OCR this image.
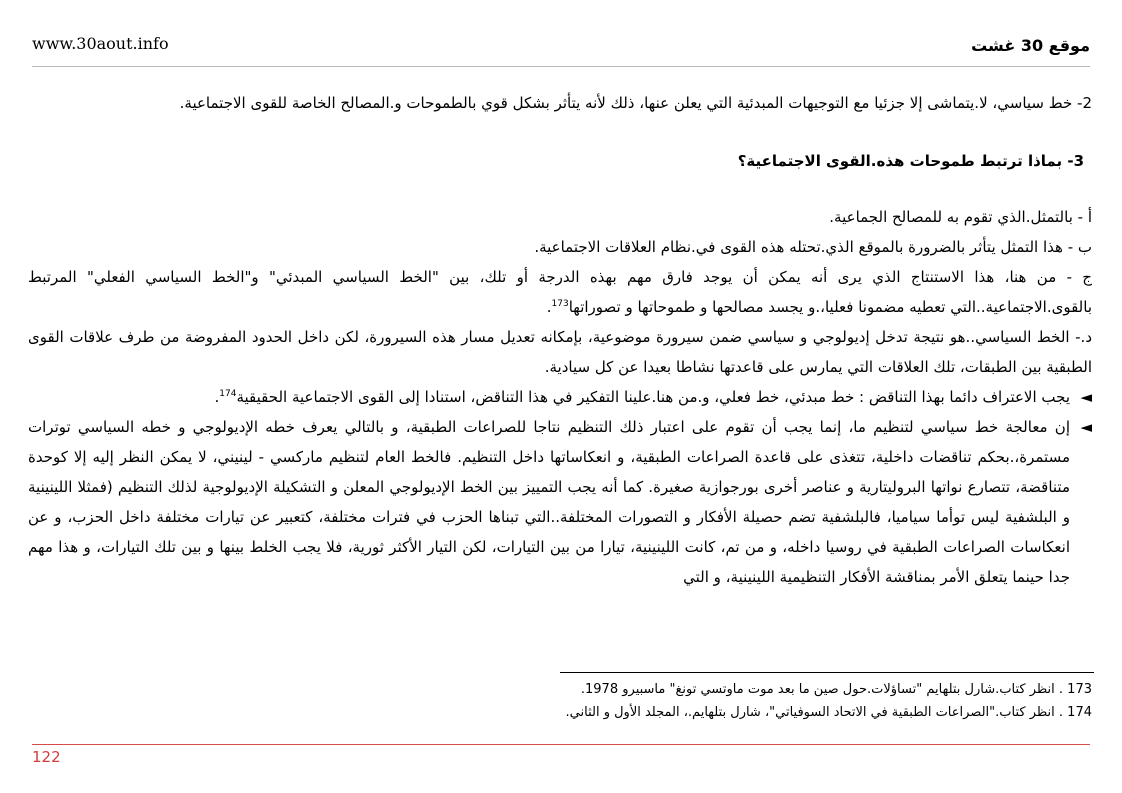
www.30aout.info	موقع 30 غشت

2- خط سياسي، لا.يتماشى إلا جزئيا مع التوجيهات المبدئية التي يعلن عنها، ذلك لأنه يتأثر بشكل قوي بالطموحات و.المصالح الخاصة للقوى الاجتماعية.

3- بماذا ترتبط طموحات هذه.القوى الاجتماعية؟

أ - بالتمثل.الذي تقوم به للمصالح الجماعية.

ب - هذا التمثل يتأثر بالضرورة بالموقع الذي.تحتله هذه القوى في.نظام العلاقات الاجتماعية.

ج - من هنا، هذا الاستنتاج الذي يرى أنه يمكن أن يوجد فارق مهم بهذه الدرجة أو تلك، بين "الخط السياسي المبدئي" و"الخط السياسي الفعلي" المرتبط بالقوى.الاجتماعية..التي تعطيه مضمونا فعليا،.و يجسد مصالحها و طموحاتها و تصوراتها$^{173}$.

د.- الخط السياسي..هو نتيجة تدخل إديولوجي و سياسي ضمن سيرورة موضوعية، بإمكانه تعديل مسار هذه السيرورة، لكن داخل الحدود المفروضة من طرف علاقات القوى الطبقية بين الطبقات، تلك العلاقات التي يمارس على قاعدتها نشاطا بعيدا عن كل سيادية.

◄
يجب الاعتراف دائما بهذا التناقض : خط مبدئي، خط فعلي، و.من هنا.علينا التفكير في هذا التناقض، استنادا إلى القوى الاجتماعية الحقيقية$^{174}$.

◄
إن معالجة خط سياسي لتنظيم ما، إنما يجب أن تقوم على اعتبار ذلك التنظيم نتاجا للصراعات الطبقية، و بالتالي يعرف خطه الإديولوجي و خطه السياسي توترات مستمرة،.بحكم تناقضات داخلية، تتغذى على قاعدة الصراعات الطبقية، و انعكاساتها داخل التنظيم. فالخط العام لتنظيم ماركسي - لينيني، لا يمكن النظر إليه إلا كوحدة متناقضة، تتصارع نواتها البروليتارية و عناصر أخرى بورجوازية صغيرة. كما أنه يجب التمييز بين الخط الإديولوجي المعلن و التشكيلة الإديولوجية لذلك التنظيم (فمثلا اللينينية و البلشفية ليس توأما سياميا، فالبلشفية تضم حصيلة الأفكار و التصورات المختلفة..التي تبناها الحزب في فترات مختلفة، كتعبير عن تيارات مختلفة داخل الحزب، و عن انعكاسات الصراعات الطبقية في روسيا داخله، و من تم، كانت اللينينية، تيارا من بين التيارات، لكن التيار الأكثر ثورية، فلا يجب الخلط بينها و بين تلك التيارات، و هذا مهم جدا حينما يتعلق الأمر بمناقشة الأفكار التنظيمية اللينينية، و التي

173 . انظر كتاب.شارل بتلهايم "تساؤلات.حول صين ما بعد موت ماوتسي تونغ" ماسبيرو 1978.
174 . انظر كتاب."الصراعات الطبقية في الاتحاد السوفياتي"، شارل بتلهايم.، المجلد الأول و الثاني.
122
